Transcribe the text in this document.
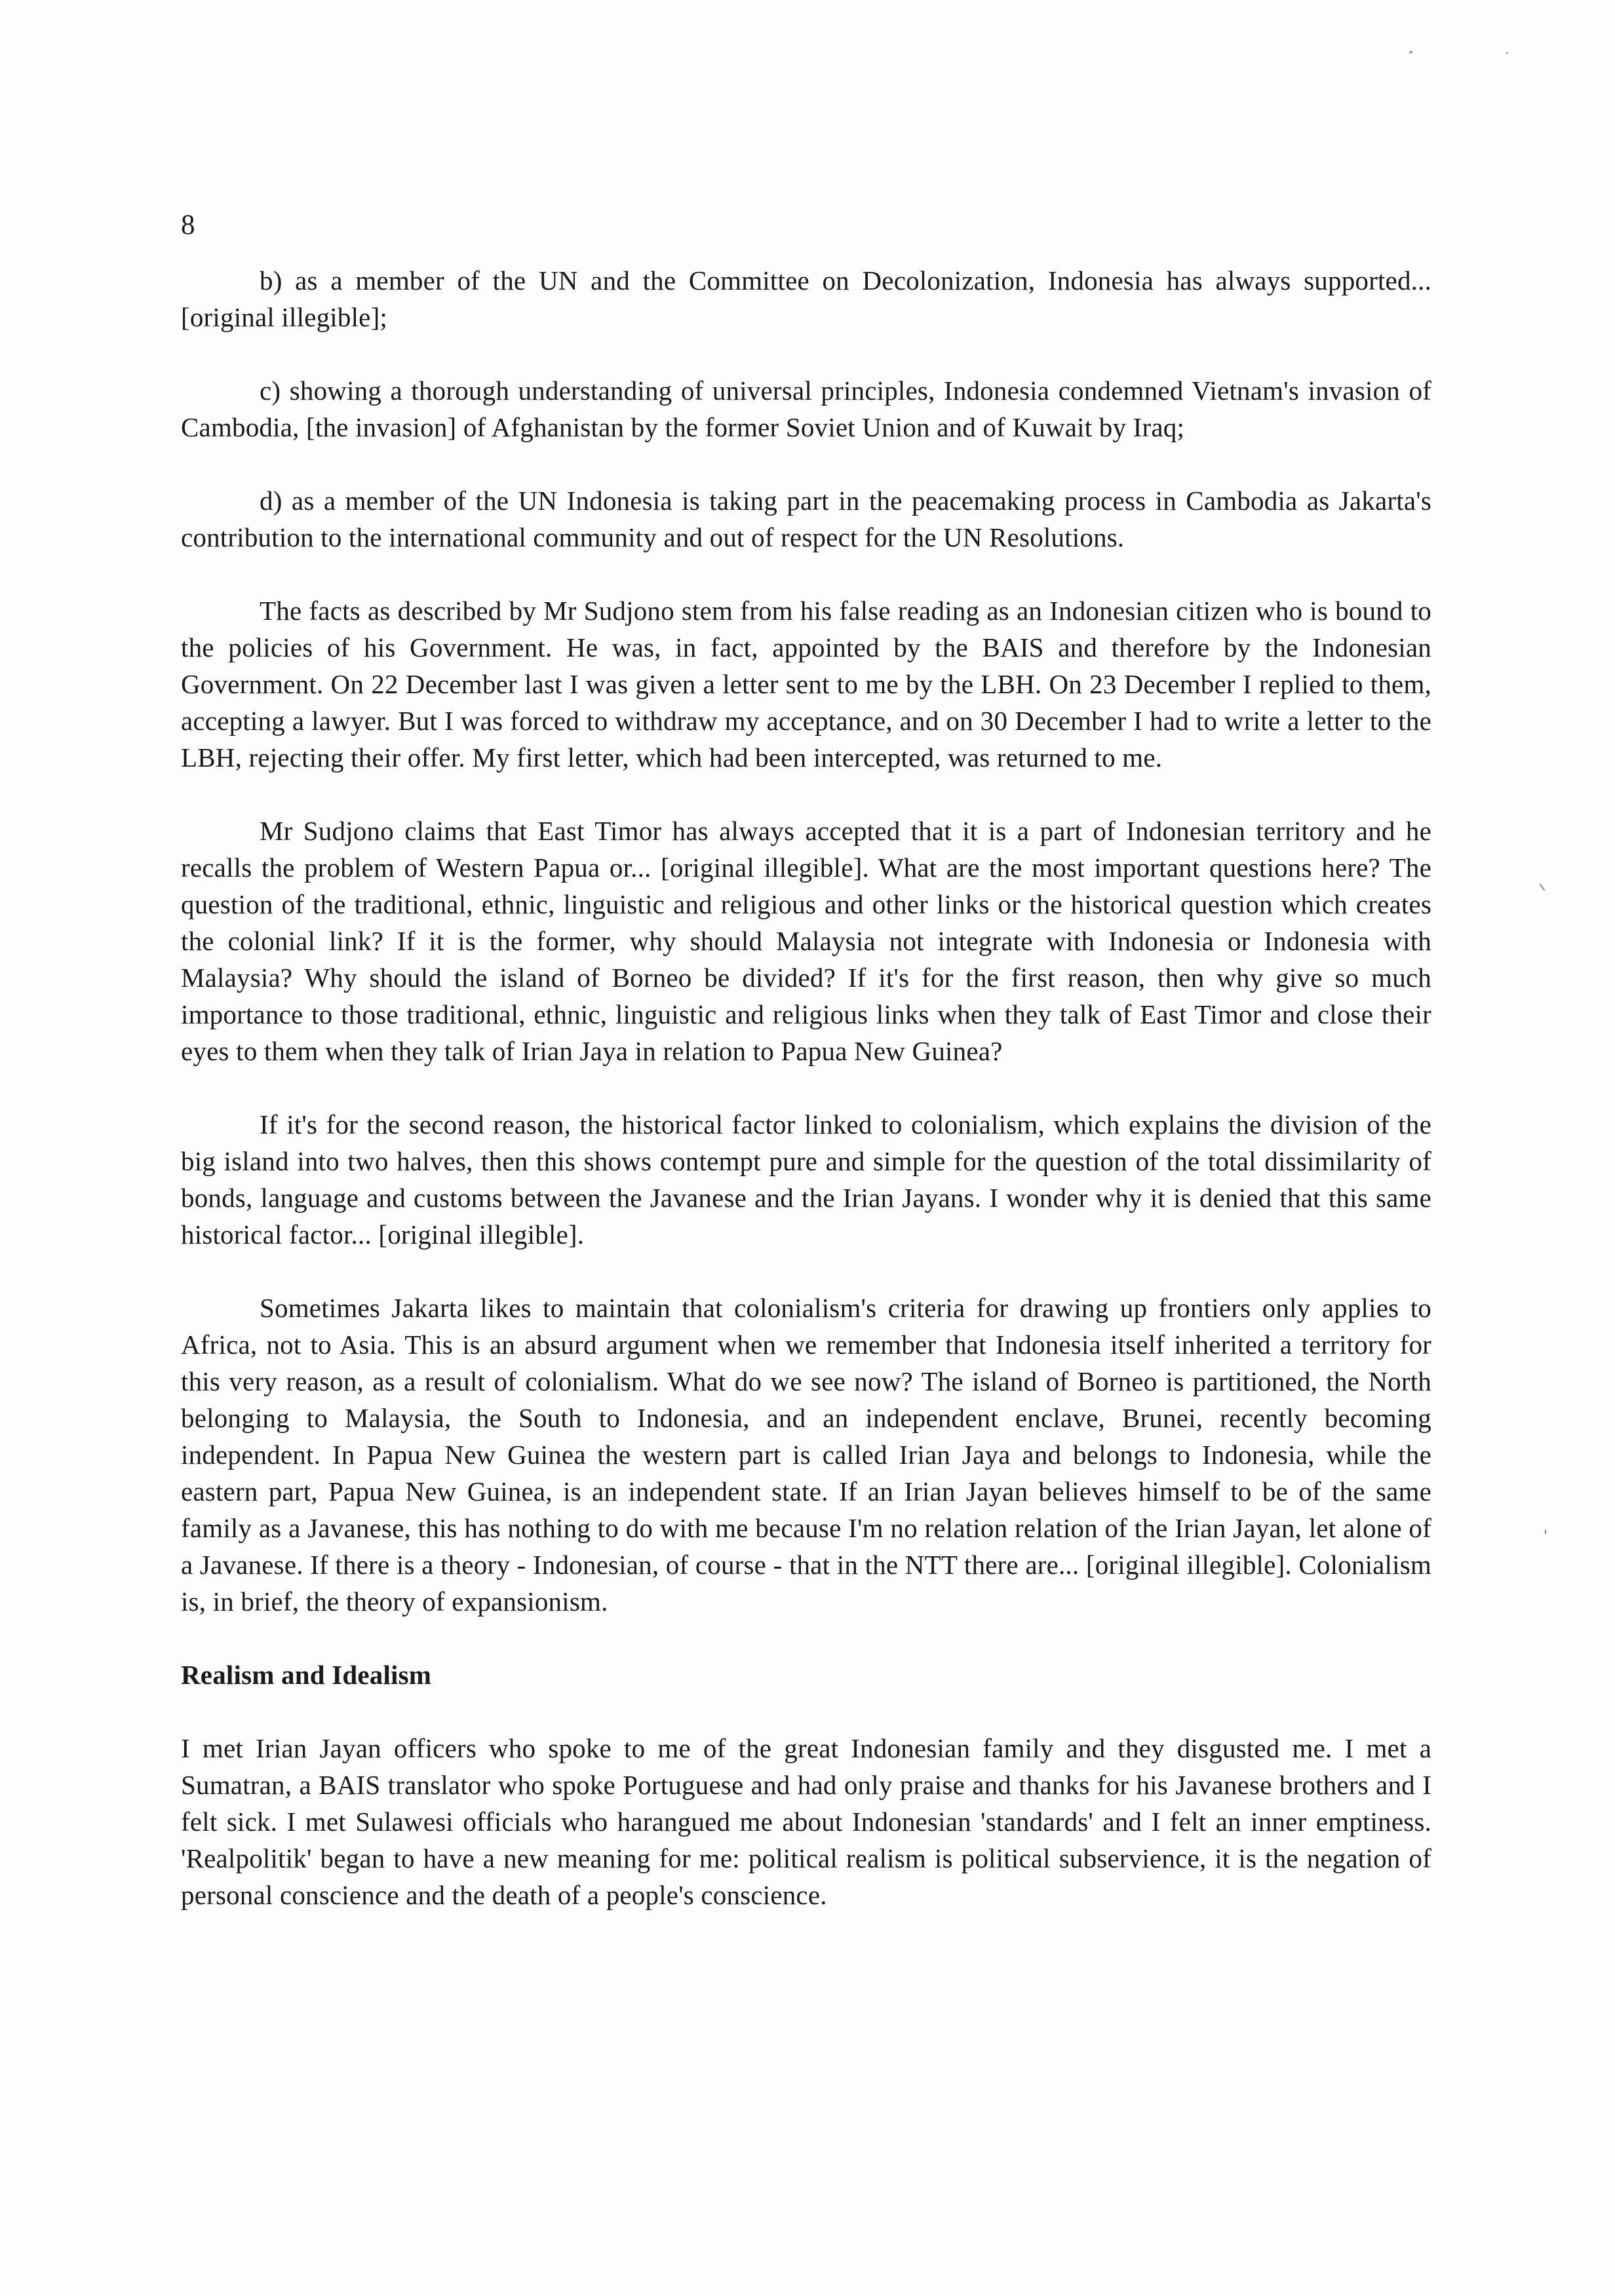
8

b) as a member of the UN and the Committee on Decolonization, Indonesia has always supported... [original illegible];

c) showing a thorough understanding of universal principles, Indonesia condemned Vietnam's invasion of Cambodia, [the invasion] of Afghanistan by the former Soviet Union and of Kuwait by Iraq;

d) as a member of the UN Indonesia is taking part in the peacemaking process in Cambodia as Jakarta's contribution to the international community and out of respect for the UN Resolutions.

The facts as described by Mr Sudjono stem from his false reading as an Indonesian citizen who is bound to the policies of his Government. He was, in fact, appointed by the BAIS and therefore by the Indonesian Government. On 22 December last I was given a letter sent to me by the LBH. On 23 December I replied to them, accepting a lawyer. But I was forced to withdraw my acceptance, and on 30 December I had to write a letter to the LBH, rejecting their offer. My first letter, which had been intercepted, was returned to me.

Mr Sudjono claims that East Timor has always accepted that it is a part of Indonesian territory and he recalls the problem of Western Papua or... [original illegible]. What are the most important questions here? The question of the traditional, ethnic, linguistic and religious and other links or the historical question which creates the colonial link? If it is the former, why should Malaysia not integrate with Indonesia or Indonesia with Malaysia? Why should the island of Borneo be divided? If it's for the first reason, then why give so much importance to those traditional, ethnic, linguistic and religious links when they talk of East Timor and close their eyes to them when they talk of Irian Jaya in relation to Papua New Guinea?

If it's for the second reason, the historical factor linked to colonialism, which explains the division of the big island into two halves, then this shows contempt pure and simple for the question of the total dissimilarity of bonds, language and customs between the Javanese and the Irian Jayans. I wonder why it is denied that this same historical factor... [original illegible].

Sometimes Jakarta likes to maintain that colonialism's criteria for drawing up frontiers only applies to Africa, not to Asia. This is an absurd argument when we remember that Indonesia itself inherited a territory for this very reason, as a result of colonialism. What do we see now? The island of Borneo is partitioned, the North belonging to Malaysia, the South to Indonesia, and an independent enclave, Brunei, recently becoming independent. In Papua New Guinea the western part is called Irian Jaya and belongs to Indonesia, while the eastern part, Papua New Guinea, is an independent state. If an Irian Jayan believes himself to be of the same family as a Javanese, this has nothing to do with me because I'm no relation relation of the Irian Jayan, let alone of a Javanese. If there is a theory - Indonesian, of course - that in the NTT there are... [original illegible]. Colonialism is, in brief, the theory of expansionism.

Realism and Idealism

I met Irian Jayan officers who spoke to me of the great Indonesian family and they disgusted me. I met a Sumatran, a BAIS translator who spoke Portuguese and had only praise and thanks for his Javanese brothers and I felt sick. I met Sulawesi officials who harangued me about Indonesian 'standards' and I felt an inner emptiness. 'Realpolitik' began to have a new meaning for me: political realism is political subservience, it is the negation of personal conscience and the death of a people's conscience.
